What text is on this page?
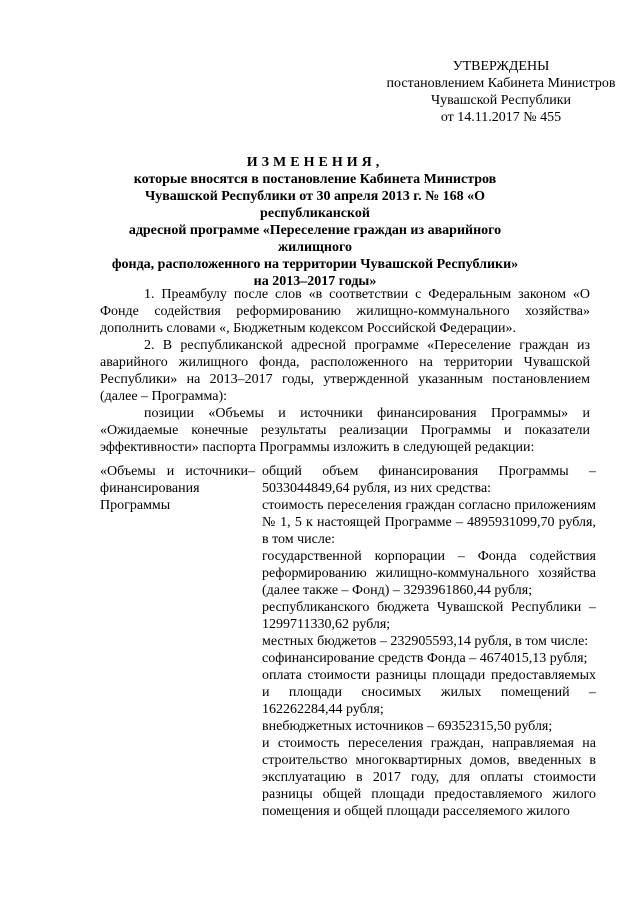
УТВЕРЖДЕНЫ
постановлением Кабинета Министров
Чувашской Республики
от 14.11.2017 № 455
ИЗМЕНЕНИЯ,
которые вносятся в постановление Кабинета Министров
Чувашской Республики от 30 апреля 2013 г. № 168 «О республиканской
адресной программе «Переселение граждан из аварийного жилищного
фонда, расположенного на территории Чувашской Республики»
на 2013–2017 годы»

1. Преамбулу после слов «в соответствии с Федеральным законом «О Фонде содействия реформированию жилищно-коммунального хозяйства» дополнить словами «, Бюджетным кодексом Российской Федерации».

2. В республиканской адресной программе «Переселение граждан из аварийного жилищного фонда, расположенного на территории Чувашской Республики» на 2013–2017 годы, утвержденной указанным постановлением (далее – Программа):

позиции «Объемы и источники финансирования Программы» и «Ожидаемые конечные результаты реализации Программы и показатели эффективности» паспорта Программы изложить в следующей редакции:

«Объемы и источники финансирования Программы
– общий объем финансирования Программы – 5033044849,64 рубля, из них средства:

стоимость переселения граждан согласно приложениям № 1, 5 к настоящей Программе – 4895931099,70 рубля, в том числе:

государственной корпорации – Фонда содействия реформированию жилищно-коммунального хозяйства (далее также – Фонд) – 3293961860,44 рубля;

республиканского бюджета Чувашской Республики – 1299711330,62 рубля;

местных бюджетов – 232905593,14 рубля, в том числе:

софинансирование средств Фонда – 4674015,13 рубля;

оплата стоимости разницы площади предоставляемых и площади сносимых жилых помещений – 162262284,44 рубля;

внебюджетных источников – 69352315,50 рубля;

и стоимость переселения граждан, направляемая на строительство многоквартирных домов, введенных в эксплуатацию в 2017 году, для оплаты стоимости разницы общей площади предоставляемого жилого помещения и общей площади расселяемого жилого
